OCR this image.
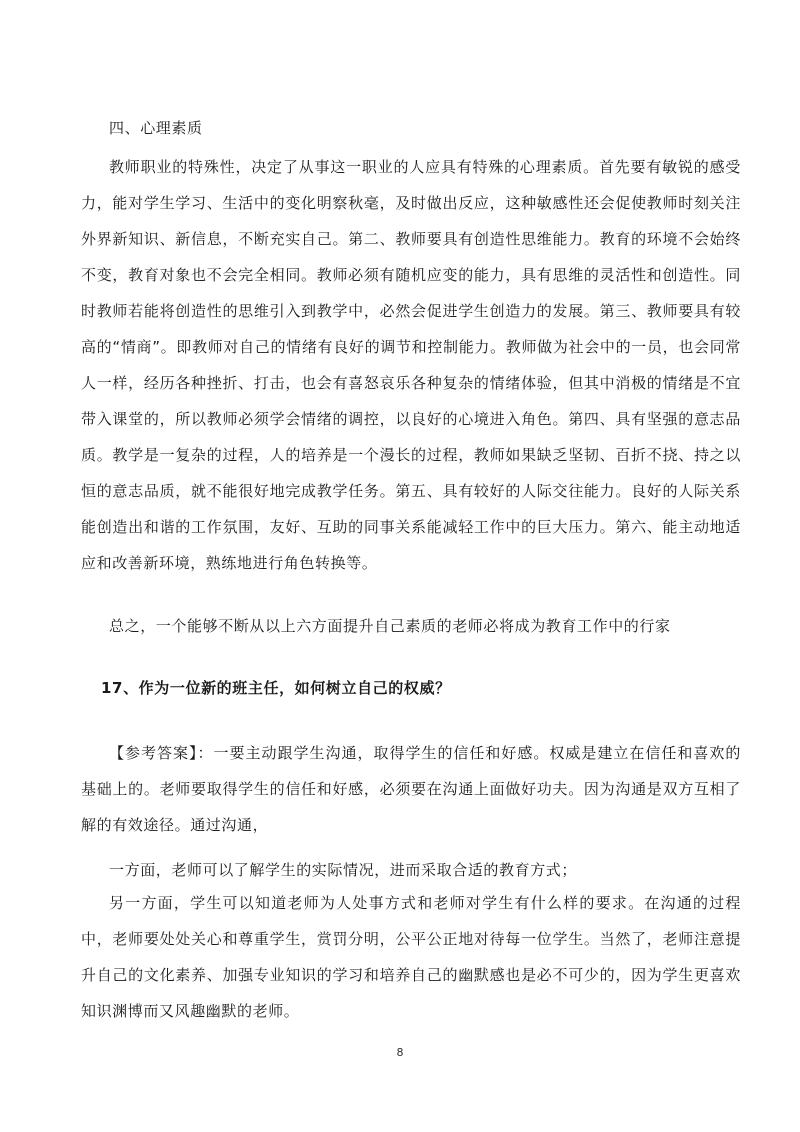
四、心理素质
教师职业的特殊性，决定了从事这一职业的人应具有特殊的心理素质。首先要有敏锐的感受力，能对学生学习、生活中的变化明察秋毫，及时做出反应，这种敏感性还会促使教师时刻关注外界新知识、新信息，不断充实自己。第二、教师要具有创造性思维能力。教育的环境不会始终不变，教育对象也不会完全相同。教师必须有随机应变的能力，具有思维的灵活性和创造性。同时教师若能将创造性的思维引入到教学中，必然会促进学生创造力的发展。第三、教师要具有较高的“情商”。即教师对自己的情绪有良好的调节和控制能力。教师做为社会中的一员，也会同常人一样，经历各种挫折、打击，也会有喜怒哀乐各种复杂的情绪体验，但其中消极的情绪是不宜带入课堂的，所以教师必须学会情绪的调控，以良好的心境进入角色。第四、具有坚强的意志品质。教学是一复杂的过程，人的培养是一个漫长的过程，教师如果缺乏坚韧、百折不挠、持之以恒的意志品质，就不能很好地完成教学任务。第五、具有较好的人际交往能力。良好的人际关系能创造出和谐的工作氛围，友好、互助的同事关系能减轻工作中的巨大压力。第六、能主动地适应和改善新环境，熟练地进行角色转换等。
总之，一个能够不断从以上六方面提升自己素质的老师必将成为教育工作中的行家
17、作为一位新的班主任，如何树立自己的权威？
【参考答案】：一要主动跟学生沟通，取得学生的信任和好感。权威是建立在信任和喜欢的基础上的。老师要取得学生的信任和好感，必须要在沟通上面做好功夫。因为沟通是双方互相了解的有效途径。通过沟通，
一方面，老师可以了解学生的实际情况，进而采取合适的教育方式；
另一方面，学生可以知道老师为人处事方式和老师对学生有什么样的要求。在沟通的过程中，老师要处处关心和尊重学生，赏罚分明，公平公正地对待每一位学生。当然了，老师注意提升自己的文化素养、加强专业知识的学习和培养自己的幽默感也是必不可少的，因为学生更喜欢知识渊博而又风趣幽默的老师。
8
